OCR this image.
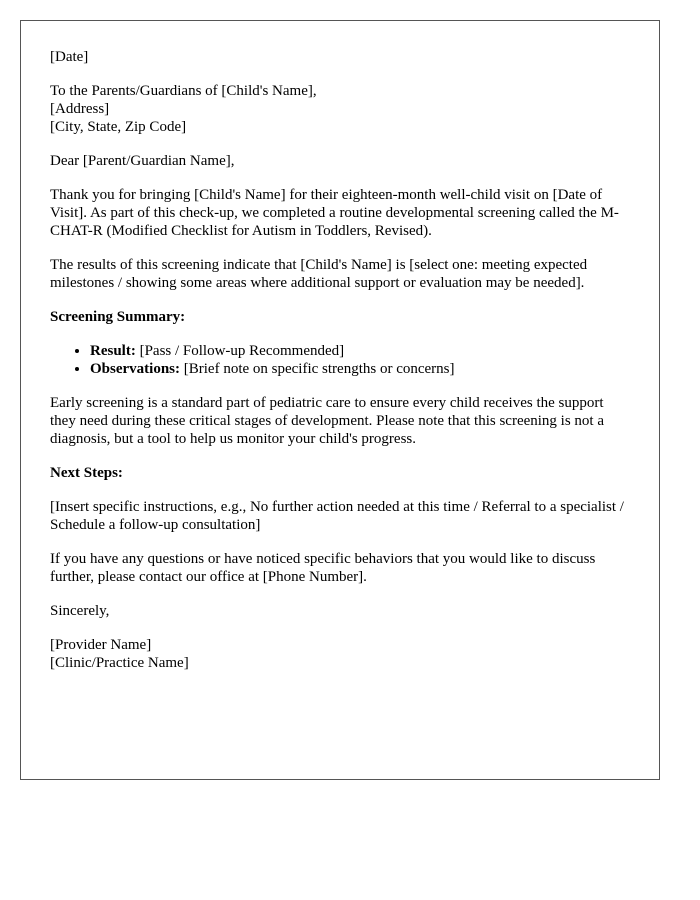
[Date]

To the Parents/Guardians of [Child's Name],
[Address]
[City, State, Zip Code]

Dear [Parent/Guardian Name],

Thank you for bringing [Child's Name] for their eighteen-month well-child visit on [Date of Visit]. As part of this check-up, we completed a routine developmental screening called the M-CHAT-R (Modified Checklist for Autism in Toddlers, Revised).

The results of this screening indicate that [Child's Name] is [select one: meeting expected milestones / showing some areas where additional support or evaluation may be needed].

Screening Summary:

• Result: [Pass / Follow-up Recommended]
• Observations: [Brief note on specific strengths or concerns]

Early screening is a standard part of pediatric care to ensure every child receives the support they need during these critical stages of development. Please note that this screening is not a diagnosis, but a tool to help us monitor your child's progress.

Next Steps:

[Insert specific instructions, e.g., No further action needed at this time / Referral to a specialist / Schedule a follow-up consultation]

If you have any questions or have noticed specific behaviors that you would like to discuss further, please contact our office at [Phone Number].

Sincerely,

[Provider Name]
[Clinic/Practice Name]
